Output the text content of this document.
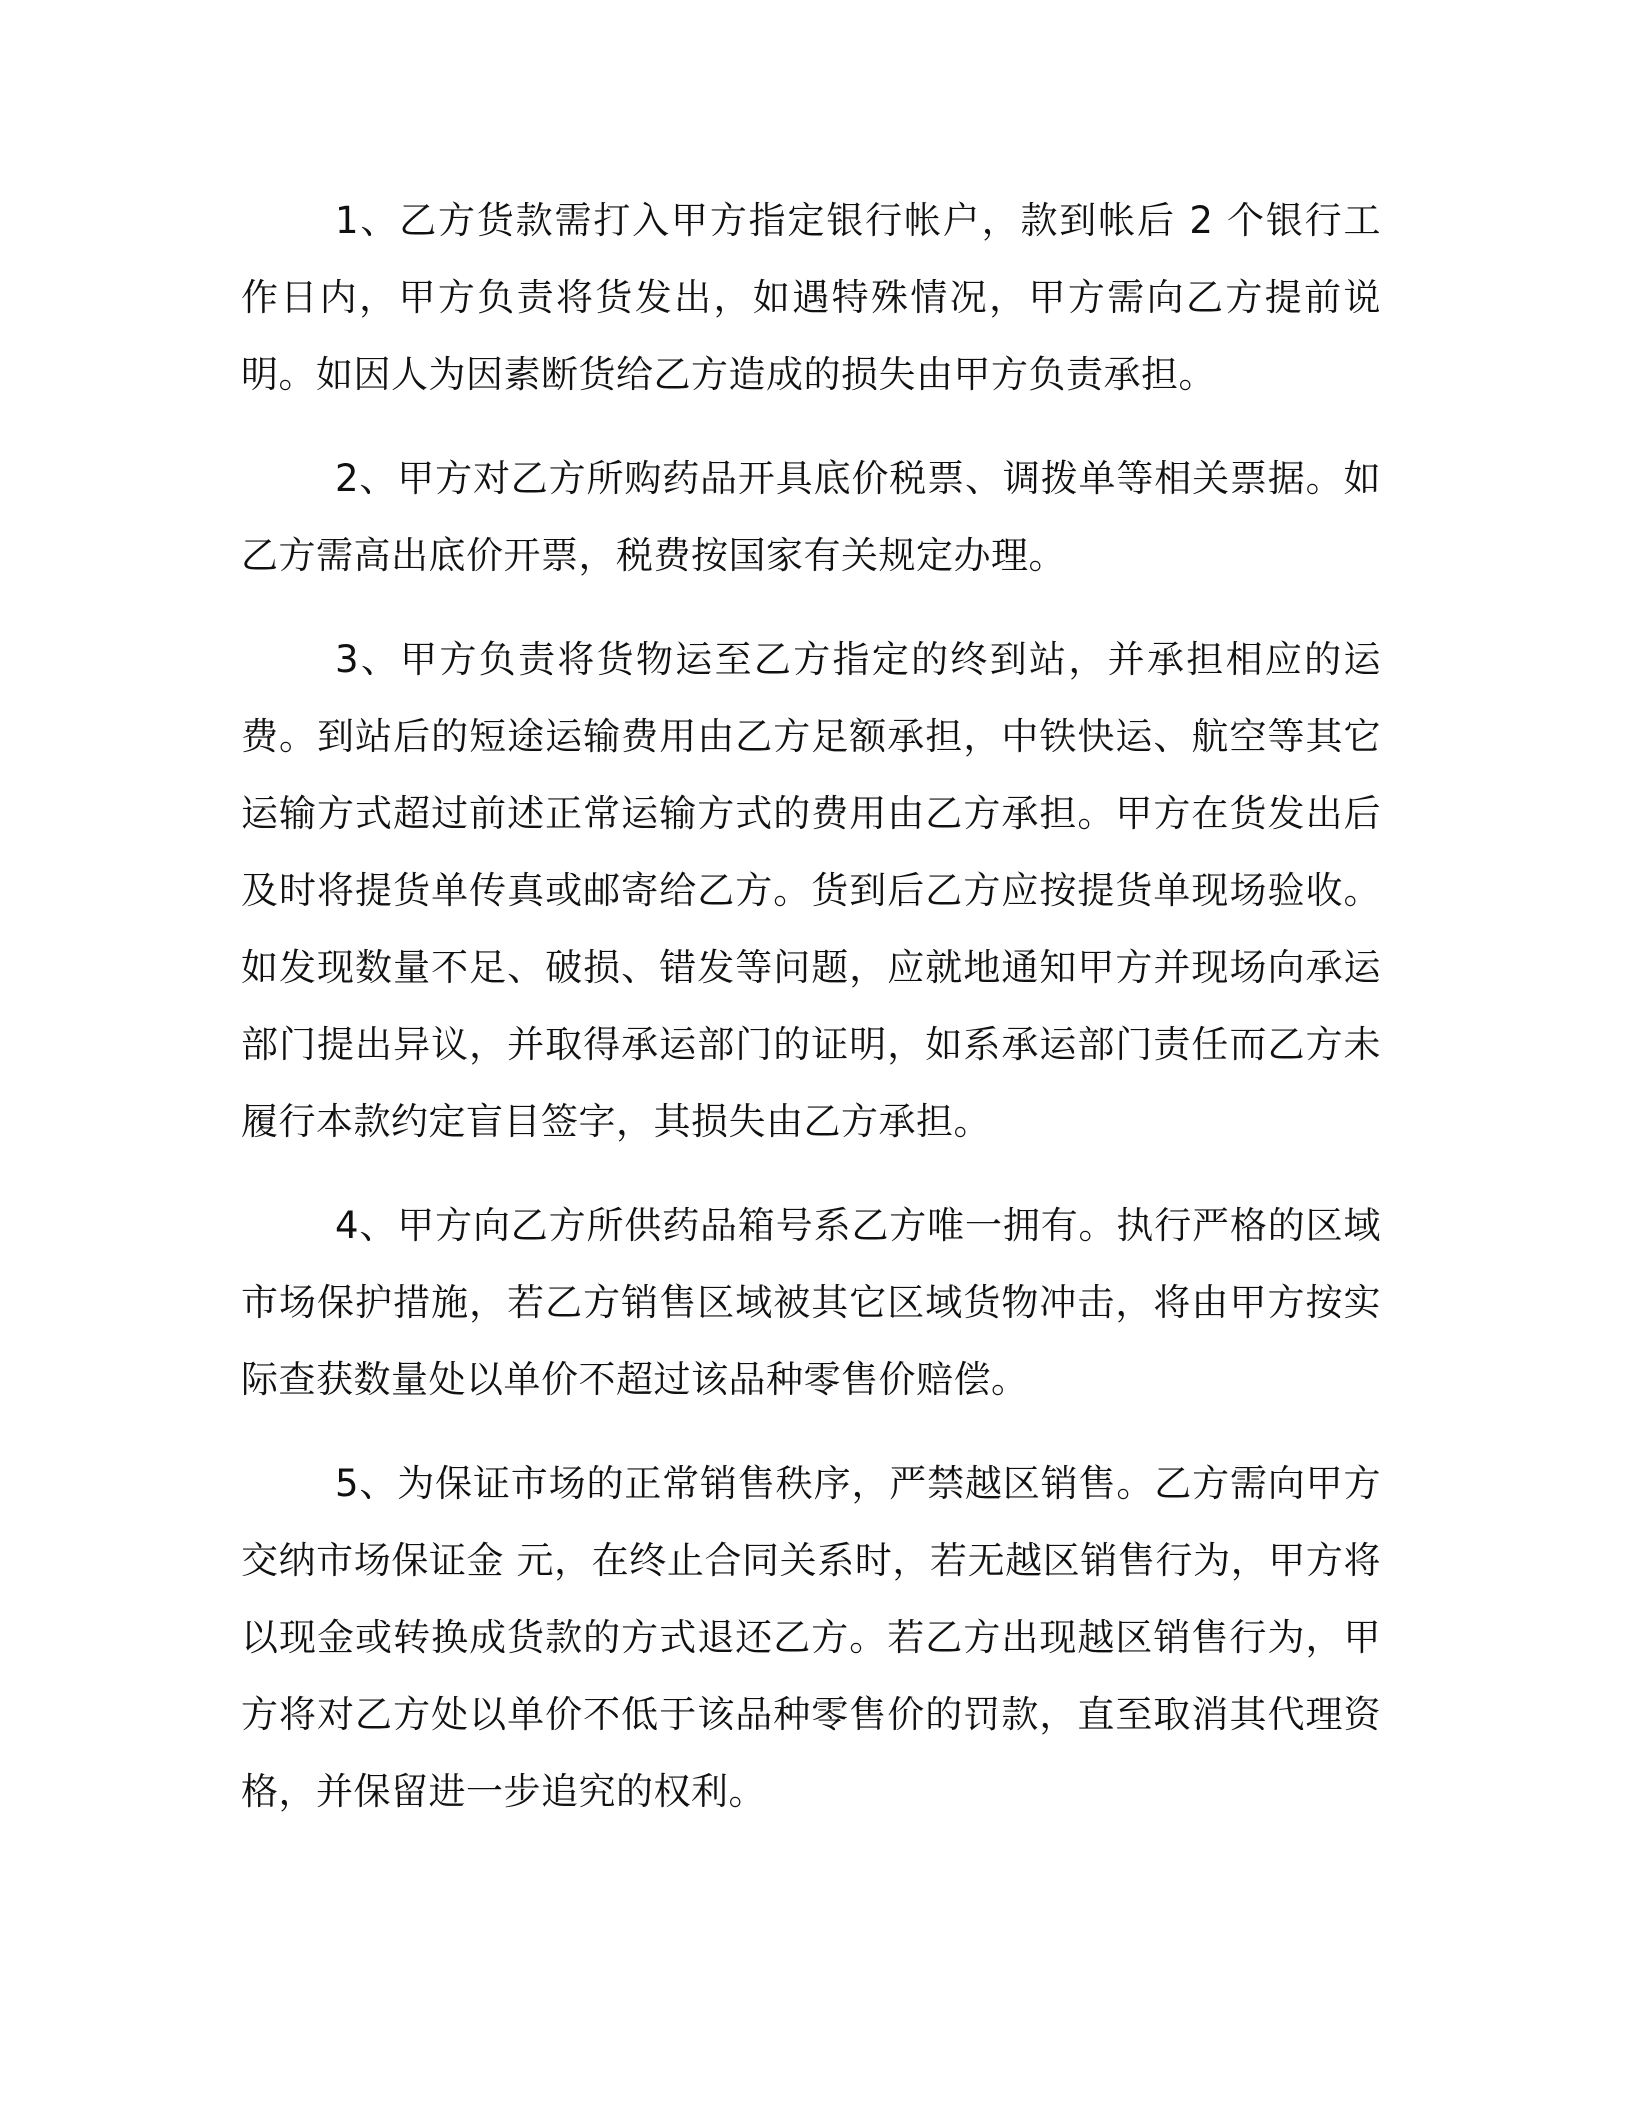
1、乙方货款需打入甲方指定银行帐户，款到帐后 2 个银行工作日内，甲方负责将货发出，如遇特殊情况，甲方需向乙方提前说明。如因人为因素断货给乙方造成的损失由甲方负责承担。

2、甲方对乙方所购药品开具底价税票、调拨单等相关票据。如乙方需高出底价开票，税费按国家有关规定办理。

3、甲方负责将货物运至乙方指定的终到站，并承担相应的运费。到站后的短途运输费用由乙方足额承担，中铁快运、航空等其它运输方式超过前述正常运输方式的费用由乙方承担。甲方在货发出后及时将提货单传真或邮寄给乙方。货到后乙方应按提货单现场验收。如发现数量不足、破损、错发等问题，应就地通知甲方并现场向承运部门提出异议，并取得承运部门的证明，如系承运部门责任而乙方未履行本款约定盲目签字，其损失由乙方承担。

4、甲方向乙方所供药品箱号系乙方唯一拥有。执行严格的区域市场保护措施，若乙方销售区域被其它区域货物冲击，将由甲方按实际查获数量处以单价不超过该品种零售价赔偿。

5、为保证市场的正常销售秩序，严禁越区销售。乙方需向甲方交纳市场保证金 元，在终止合同关系时，若无越区销售行为，甲方将以现金或转换成货款的方式退还乙方。若乙方出现越区销售行为，甲方将对乙方处以单价不低于该品种零售价的罚款，直至取消其代理资格，并保留进一步追究的权利。
